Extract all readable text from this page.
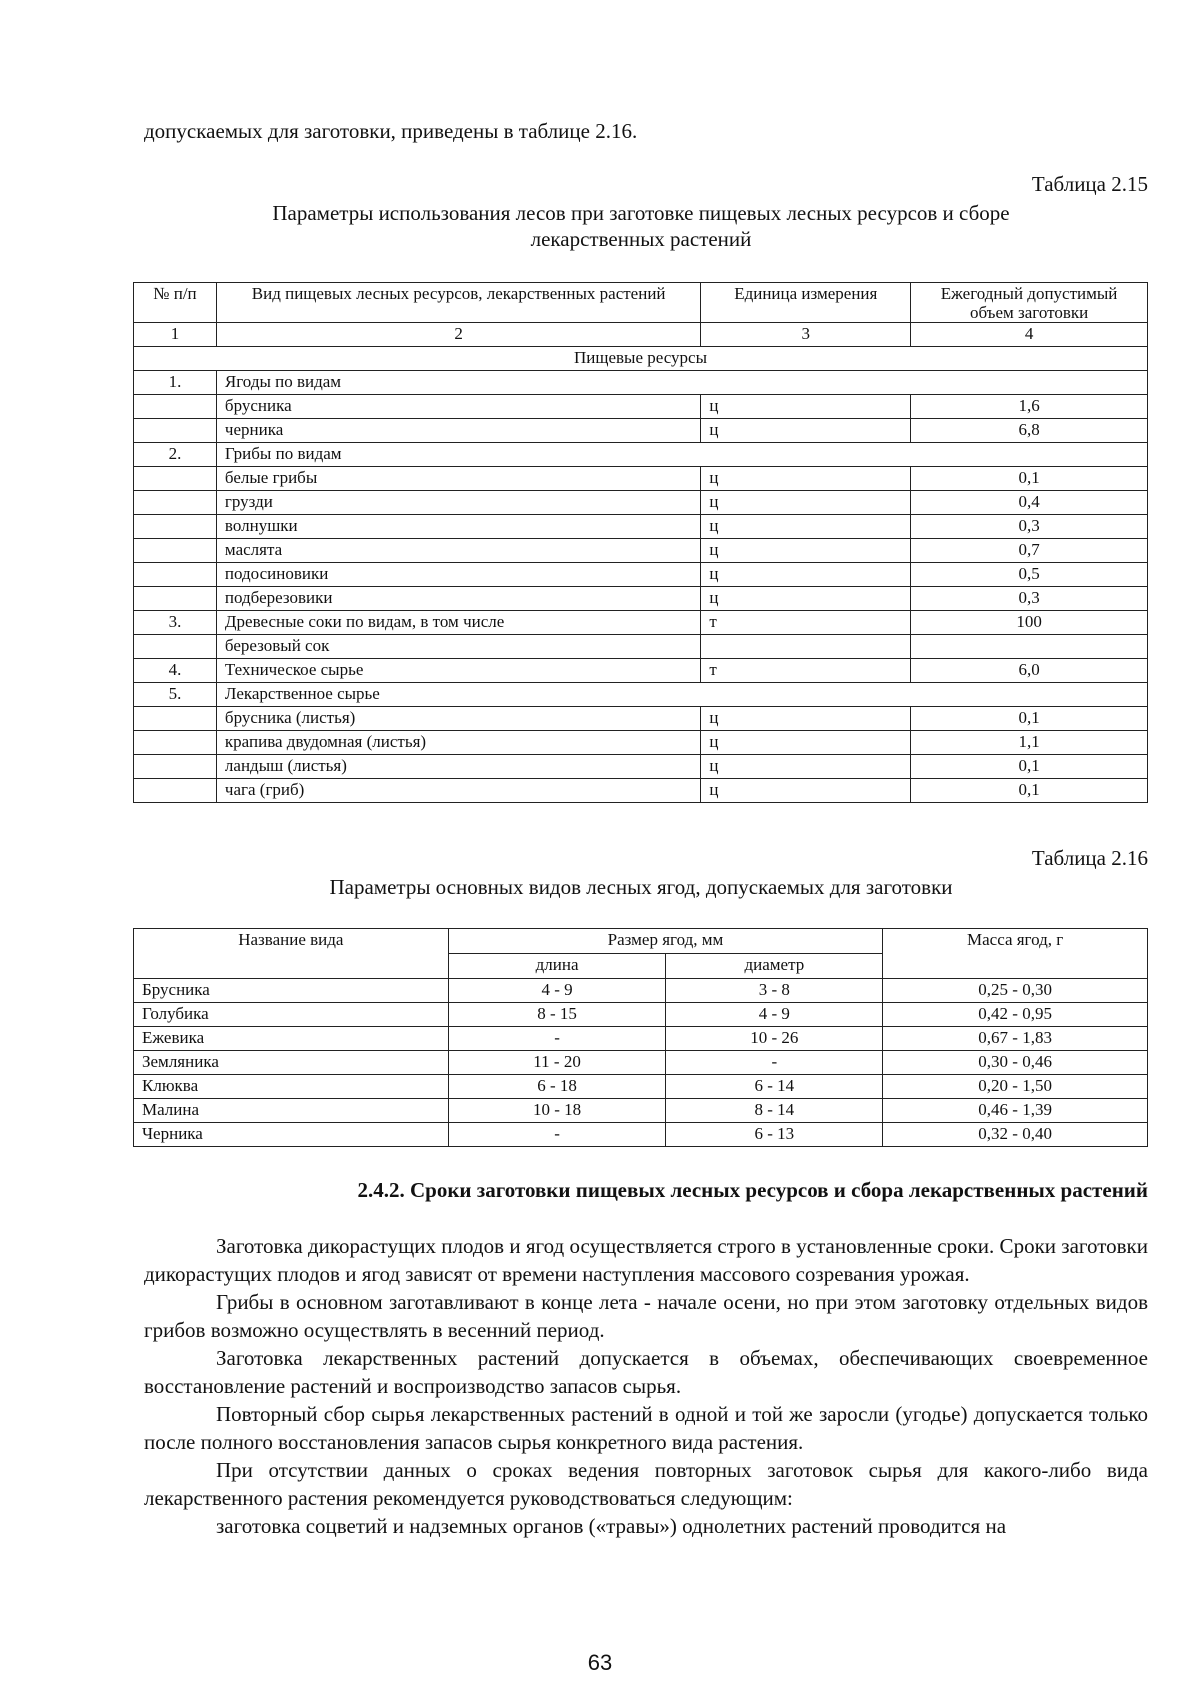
допускаемых для заготовки, приведены в таблице 2.16.
Таблица 2.15
Параметры использования лесов при заготовке пищевых лесных ресурсов и сборе
лекарственных растений
№ п/п	Вид пищевых лесных ресурсов, лекарственных растений	Единица измерения	Ежегодный допустимый объем заготовки
1	2	3	4
Пищевые ресурсы			
1.	Ягоды по видам		
	брусника	ц	1,6
	черника	ц	6,8
2.	Грибы по видам		
	белые грибы	ц	0,1
	грузди	ц	0,4
	волнушки	ц	0,3
	маслята	ц	0,7
	подосиновики	ц	0,5
	подберезовики	ц	0,3
3.	Древесные соки по видам, в том числе	т	100
	березовый сок		
4.	Техническое сырье	т	6,0
5.	Лекарственное сырье		
	брусника (листья)	ц	0,1
	крапива двудомная (листья)	ц	1,1
	ландыш (листья)	ц	0,1
	чага (гриб)	ц	0,1
Таблица 2.16
Параметры основных видов лесных ягод, допускаемых для заготовки
Название вида	Размер ягод, мм		Масса ягод, г
	длина	диаметр	
Брусника	4 - 9	3 - 8	0,25 - 0,30
Голубика	8 - 15	4 - 9	0,42 - 0,95
Ежевика	-	10 - 26	0,67 - 1,83
Земляника	11 - 20	-	0,30 - 0,46
Клюква	6 - 18	6 - 14	0,20 - 1,50
Малина	10 - 18	8 - 14	0,46 - 1,39
Черника	-	6 - 13	0,32 - 0,40
2.4.2. Сроки заготовки пищевых лесных ресурсов и сбора лекарственных растений
Заготовка дикорастущих плодов и ягод осуществляется строго в установленные сроки. Сроки заготовки дикорастущих плодов и ягод зависят от времени наступления массового созревания урожая.
Грибы в основном заготавливают в конце лета - начале осени, но при этом заготовку отдельных видов грибов возможно осуществлять в весенний период.
Заготовка лекарственных растений допускается в объемах, обеспечивающих своевременное восстановление растений и воспроизводство запасов сырья.
Повторный сбор сырья лекарственных растений в одной и той же заросли (угодье) допускается только после полного восстановления запасов сырья конкретного вида растения.
При отсутствии данных о сроках ведения повторных заготовок сырья для какого-либо вида лекарственного растения рекомендуется руководствоваться следующим:
заготовка соцветий и надземных органов («травы») однолетних растений проводится на
63
